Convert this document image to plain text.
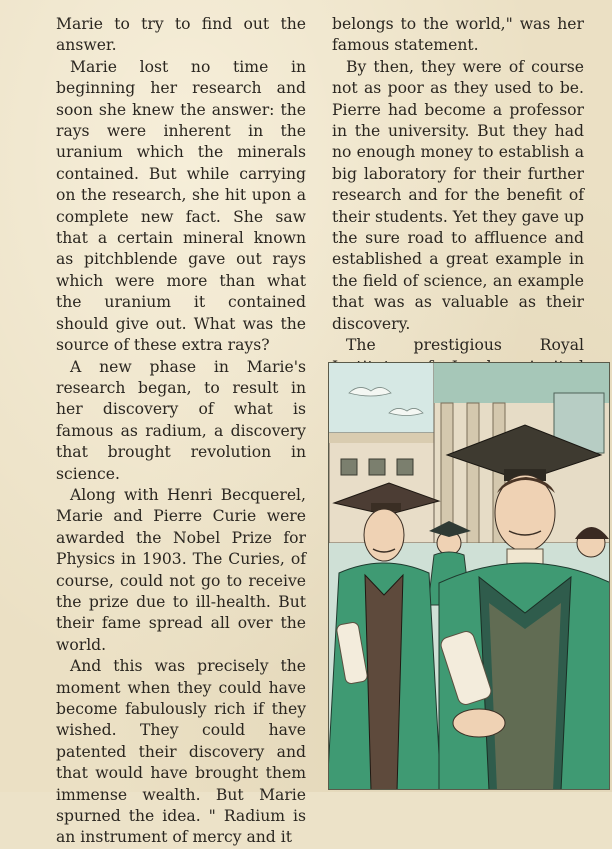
Marie to try to find out the answer.

Marie lost no time in beginning her research and soon she knew the answer: the rays were inherent in the uranium which the minerals contained. But while carrying on the research, she hit upon a complete new fact. She saw that a certain mineral known as pitchblende gave out rays which were more than what the uranium it contained should give out. What was the source of these extra rays?

A new phase in Marie's research began, to result in her discovery of what is famous as radium, a discovery that brought revolution in science.

Along with Henri Becquerel, Marie and Pierre Curie were awarded the Nobel Prize for Physics in 1903. The Curies, of course, could not go to receive the prize due to ill-health. But their fame spread all over the world.

And this was precisely the moment when they could have become fabulously rich if they wished. They could have patented their discovery and that would have brought them immense wealth. But Marie spurned the idea. " Radium is an instrument of mercy and it

belongs to the world," was her famous statement.

By then, they were of course not as poor as they used to be. Pierre had become a professor in the university. But they had no enough money to establish a big laboratory for their further research and for the benefit of their students. Yet they gave up the sure road to affluence and established a great example in the field of science, an example that was as valuable as their discovery.

The prestigious Royal
